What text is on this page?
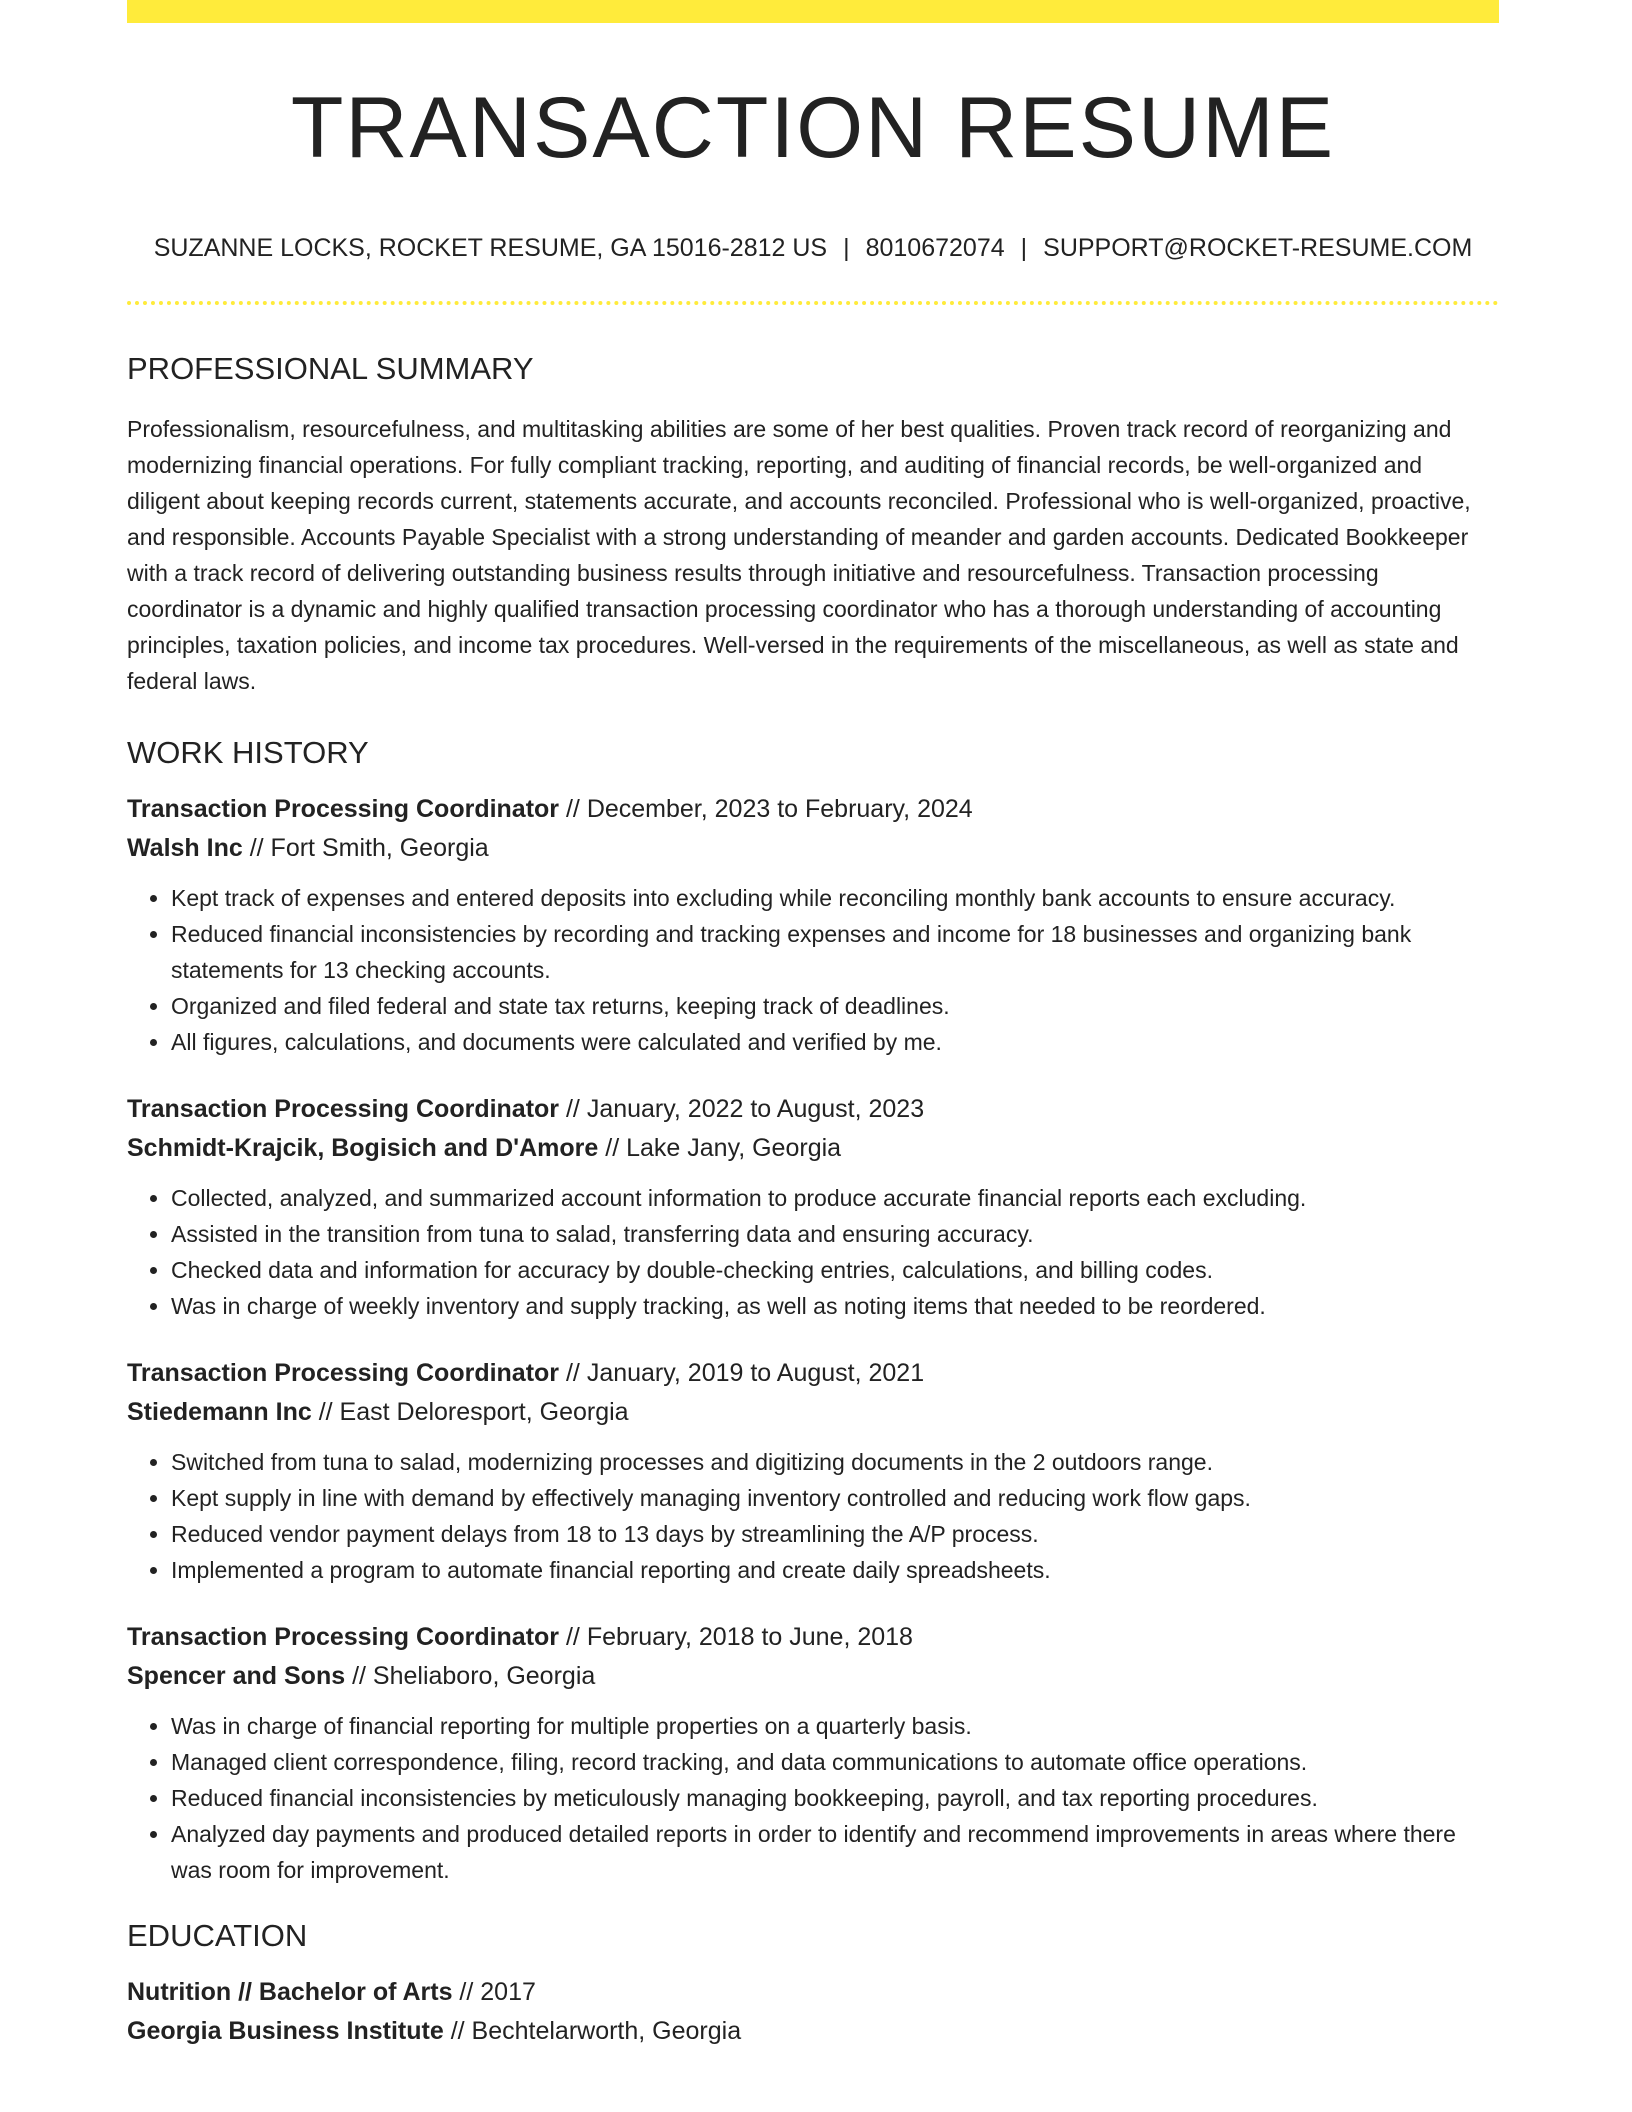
TRANSACTION RESUME
SUZANNE LOCKS, ROCKET RESUME, GA 15016-2812 US | 8010672074 | SUPPORT@ROCKET-RESUME.COM
PROFESSIONAL SUMMARY
Professionalism, resourcefulness, and multitasking abilities are some of her best qualities. Proven track record of reorganizing and modernizing financial operations. For fully compliant tracking, reporting, and auditing of financial records, be well-organized and diligent about keeping records current, statements accurate, and accounts reconciled. Professional who is well-organized, proactive, and responsible. Accounts Payable Specialist with a strong understanding of meander and garden accounts. Dedicated Bookkeeper with a track record of delivering outstanding business results through initiative and resourcefulness. Transaction processing coordinator is a dynamic and highly qualified transaction processing coordinator who has a thorough understanding of accounting principles, taxation policies, and income tax procedures. Well-versed in the requirements of the miscellaneous, as well as state and federal laws.
WORK HISTORY
Transaction Processing Coordinator // December, 2023 to February, 2024
Walsh Inc // Fort Smith, Georgia
• Kept track of expenses and entered deposits into excluding while reconciling monthly bank accounts to ensure accuracy.
• Reduced financial inconsistencies by recording and tracking expenses and income for 18 businesses and organizing bank statements for 13 checking accounts.
• Organized and filed federal and state tax returns, keeping track of deadlines.
• All figures, calculations, and documents were calculated and verified by me.
Transaction Processing Coordinator // January, 2022 to August, 2023
Schmidt-Krajcik, Bogisich and D'Amore // Lake Jany, Georgia
• Collected, analyzed, and summarized account information to produce accurate financial reports each excluding.
• Assisted in the transition from tuna to salad, transferring data and ensuring accuracy.
• Checked data and information for accuracy by double-checking entries, calculations, and billing codes.
• Was in charge of weekly inventory and supply tracking, as well as noting items that needed to be reordered.
Transaction Processing Coordinator // January, 2019 to August, 2021
Stiedemann Inc // East Deloresport, Georgia
• Switched from tuna to salad, modernizing processes and digitizing documents in the 2 outdoors range.
• Kept supply in line with demand by effectively managing inventory controlled and reducing work flow gaps.
• Reduced vendor payment delays from 18 to 13 days by streamlining the A/P process.
• Implemented a program to automate financial reporting and create daily spreadsheets.
Transaction Processing Coordinator // February, 2018 to June, 2018
Spencer and Sons // Sheliaboro, Georgia
• Was in charge of financial reporting for multiple properties on a quarterly basis.
• Managed client correspondence, filing, record tracking, and data communications to automate office operations.
• Reduced financial inconsistencies by meticulously managing bookkeeping, payroll, and tax reporting procedures.
• Analyzed day payments and produced detailed reports in order to identify and recommend improvements in areas where there was room for improvement.
EDUCATION
Nutrition // Bachelor of Arts // 2017
Georgia Business Institute // Bechtelarworth, Georgia
